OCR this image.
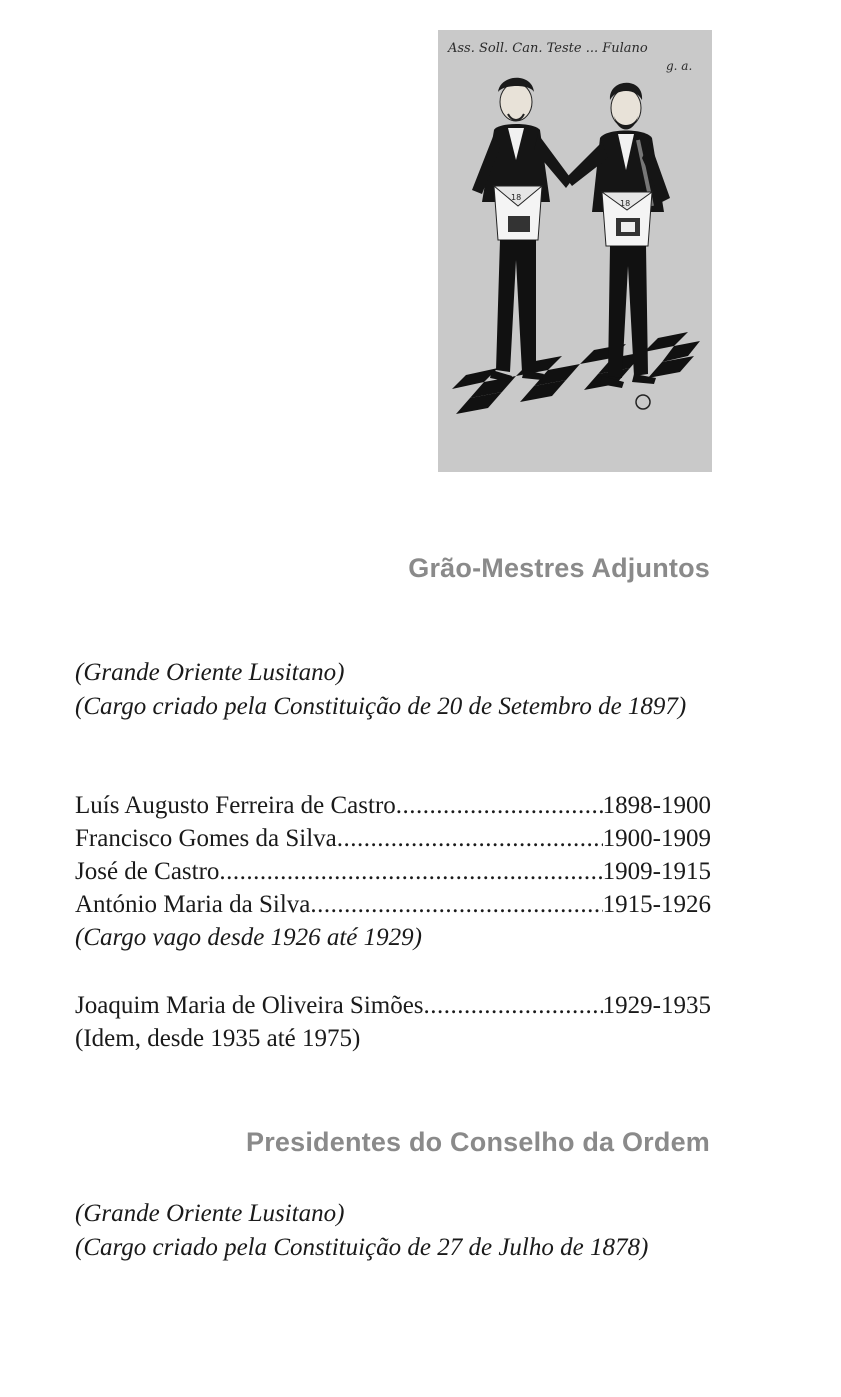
Ass. Soll. Can. Teste ... Fulano
g. a.
18
18
Grão-Mestres Adjuntos
(Grande Oriente Lusitano)
(Cargo criado pela Constituição de 20 de Setembro de 1897)
Luís Augusto Ferreira de Castro .....	1898-1900
Francisco Gomes da Silva .....	1900-1909
José de Castro .....	1909-1915
António Maria da Silva .....	1915-1926
(Cargo vago desde 1926 até 1929)
Joaquim Maria de Oliveira Simões .....	1929-1935
(Idem, desde 1935 até 1975)
Presidentes do Conselho da Ordem
(Grande Oriente Lusitano)
(Cargo criado pela Constituição de 27 de Julho de 1878)
